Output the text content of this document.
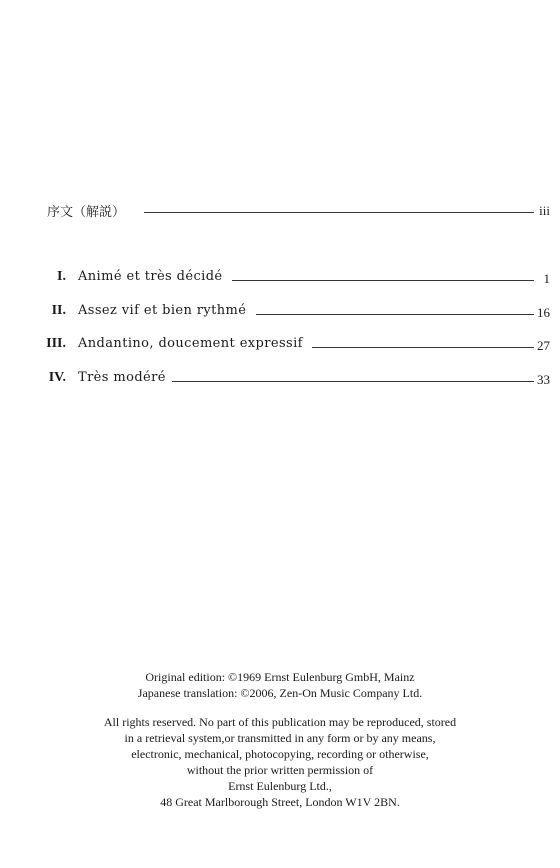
序文（解説）	iii
I. Animé et très décidé	1
II. Assez vif et bien rythmé	16
III. Andantino, doucement expressif	27
IV. Très modéré	33
Original edition: ©1969 Ernst Eulenburg GmbH, Mainz
Japanese translation: ©2006, Zen-On Music Company Ltd.
All rights reserved. No part of this publication may be reproduced, stored
in a retrieval system,or transmitted in any form or by any means,
electronic, mechanical, photocopying, recording or otherwise,
without the prior written permission of
Ernst Eulenburg Ltd.,
48 Great Marlborough Street, London W1V 2BN.
